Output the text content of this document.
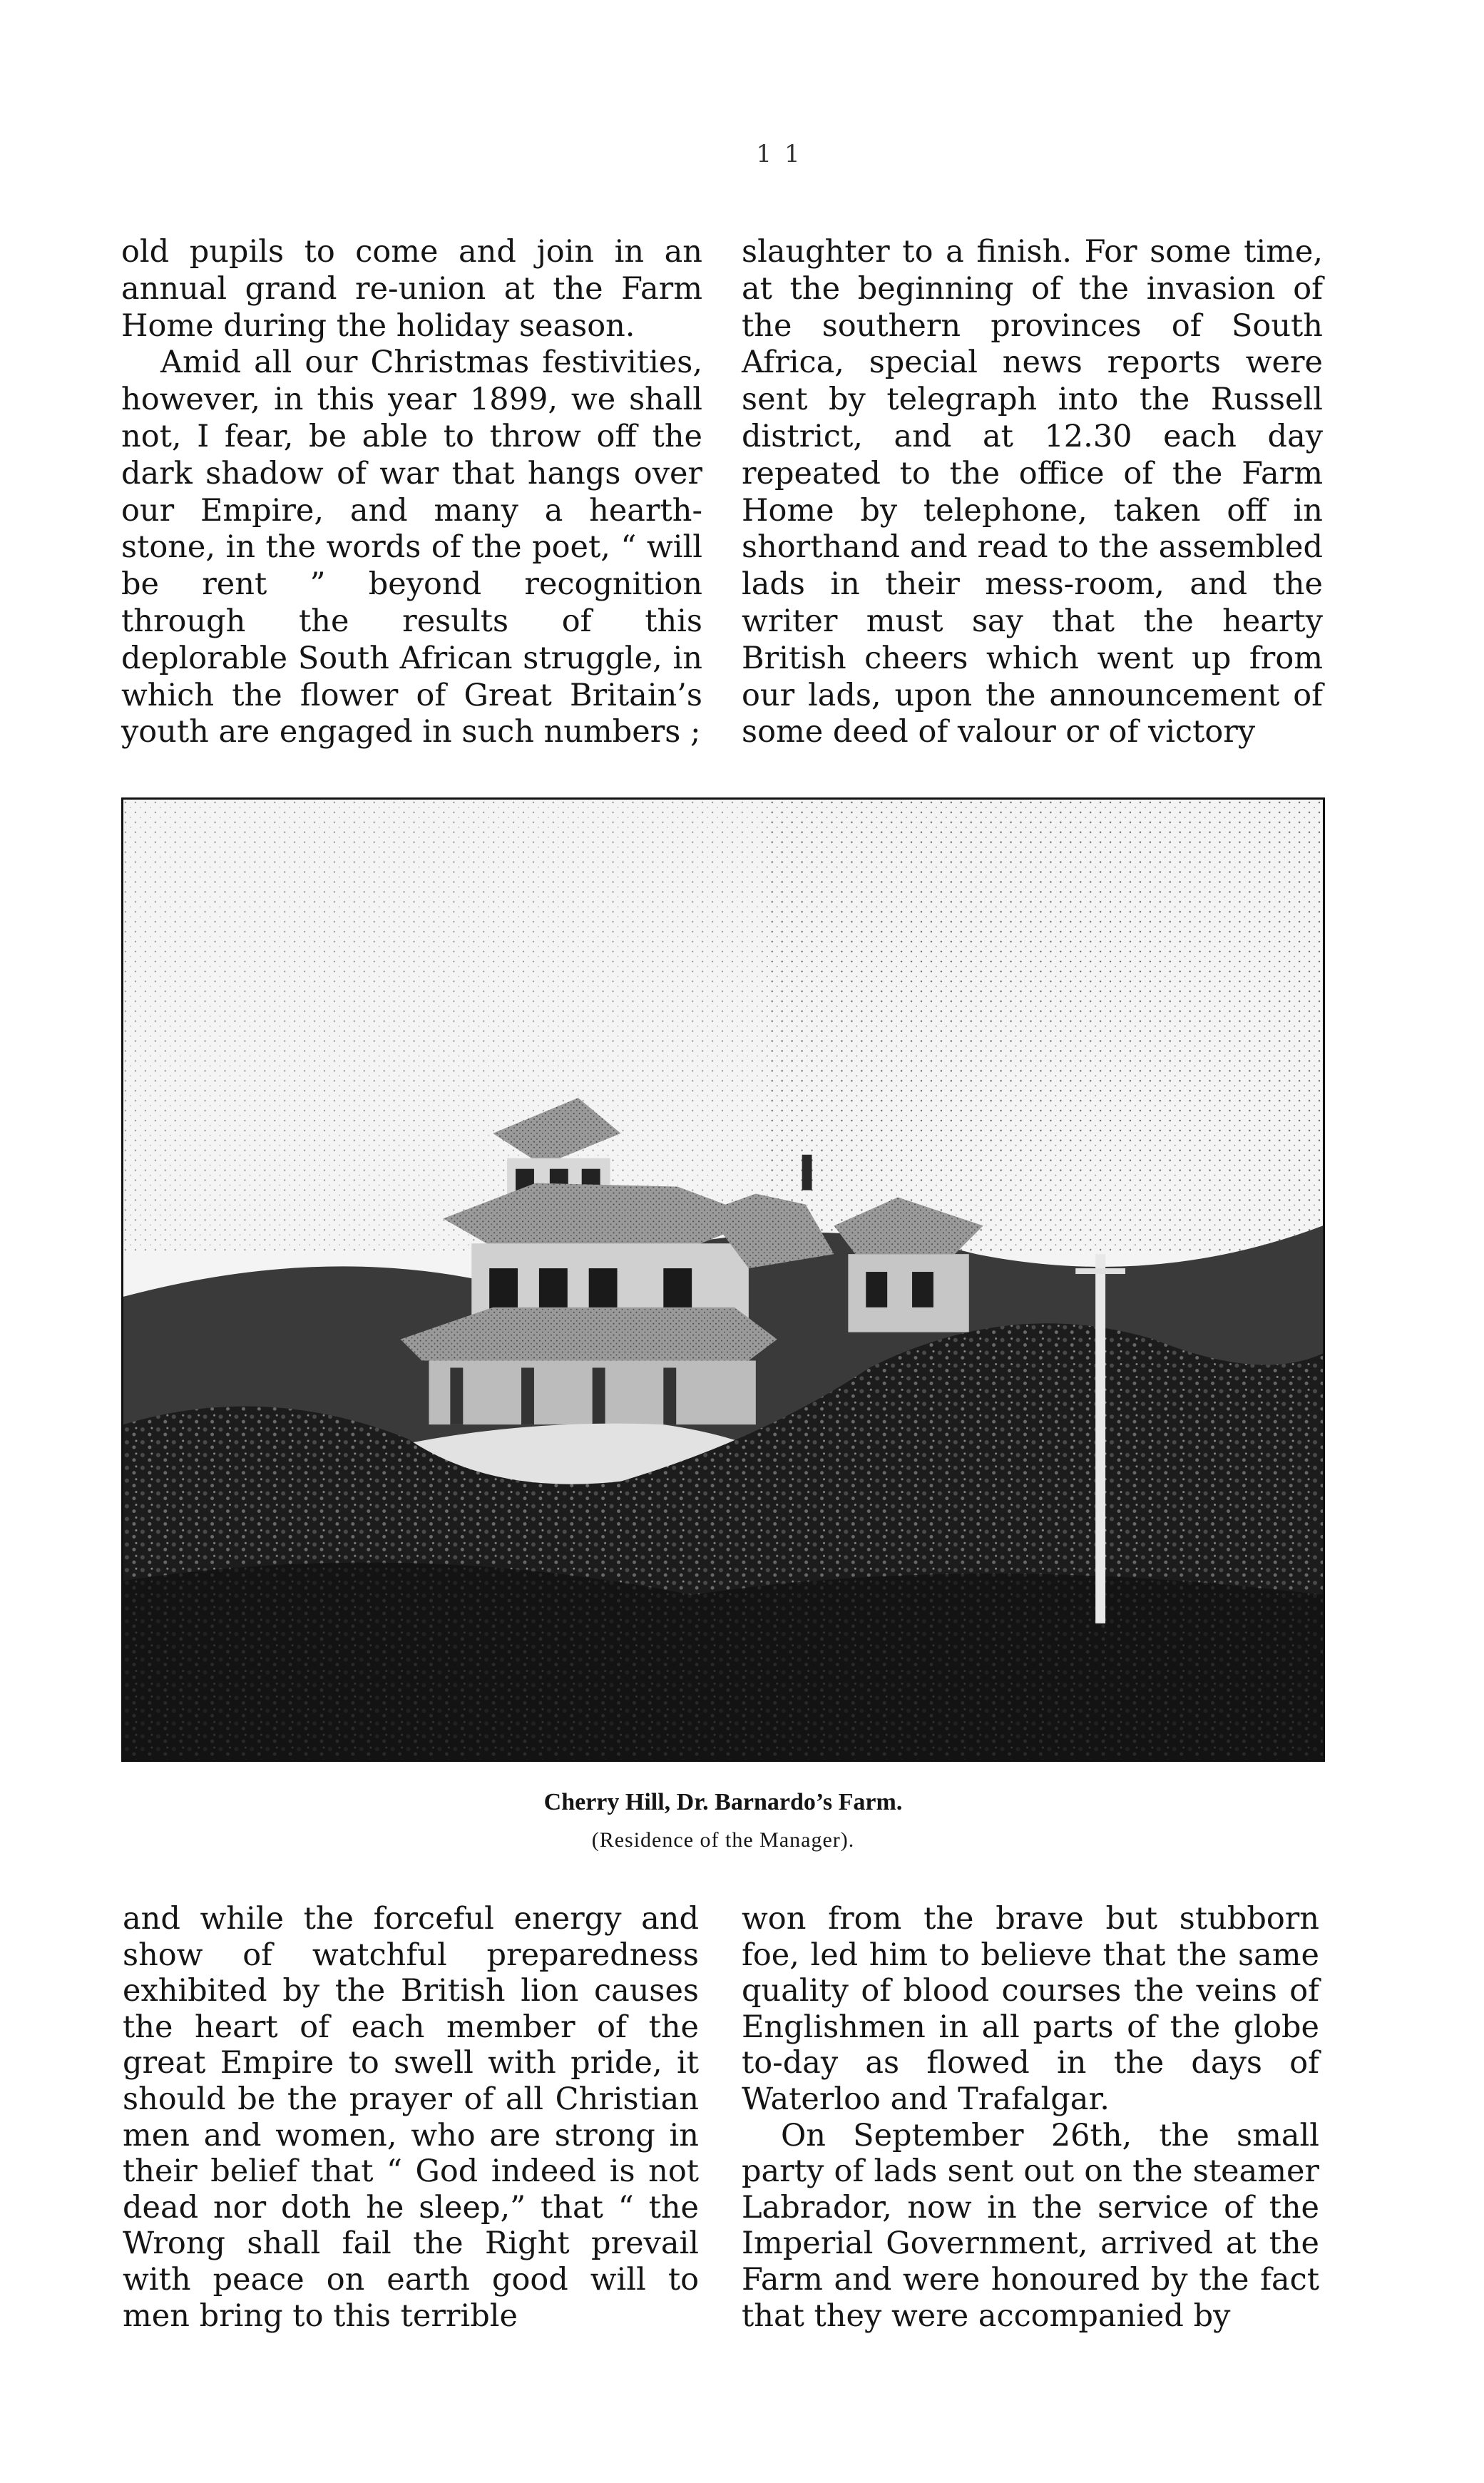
11

old pupils to come and join in an annual grand re-union at the Farm Home during the holiday season.

Amid all our Christmas festivities, however, in this year 1899, we shall not, I fear, be able to throw off the dark shadow of war that hangs over our Empire, and many a hearth-stone, in the words of the poet, “ will be rent ” beyond recognition through the results of this deplorable South African struggle, in which the flower of Great Britain’s youth are engaged in such numbers ;

slaughter to a finish. For some time, at the beginning of the invasion of the southern provinces of South Africa, special news reports were sent by telegraph into the Russell district, and at 12.30 each day repeated to the office of the Farm Home by telephone, taken off in shorthand and read to the assembled lads in their mess-room, and the writer must say that the hearty British cheers which went up from our lads, upon the announcement of some deed of valour or of victory

Cherry Hill, Dr. Barnardo’s Farm.
(Residence of the Manager).

and while the forceful energy and show of watchful preparedness exhibited by the British lion causes the heart of each member of the great Empire to swell with pride, it should be the prayer of all Christian men and women, who are strong in their belief that “ God indeed is not dead nor doth he sleep,” that “ the Wrong shall fail the Right prevail with peace on earth good will to men bring to this terrible

won from the brave but stubborn foe, led him to believe that the same quality of blood courses the veins of Englishmen in all parts of the globe to-day as flowed in the days of Waterloo and Trafalgar.

On September 26th, the small party of lads sent out on the steamer Labrador, now in the service of the Imperial Government, arrived at the Farm and were honoured by the fact that they were accompanied by
